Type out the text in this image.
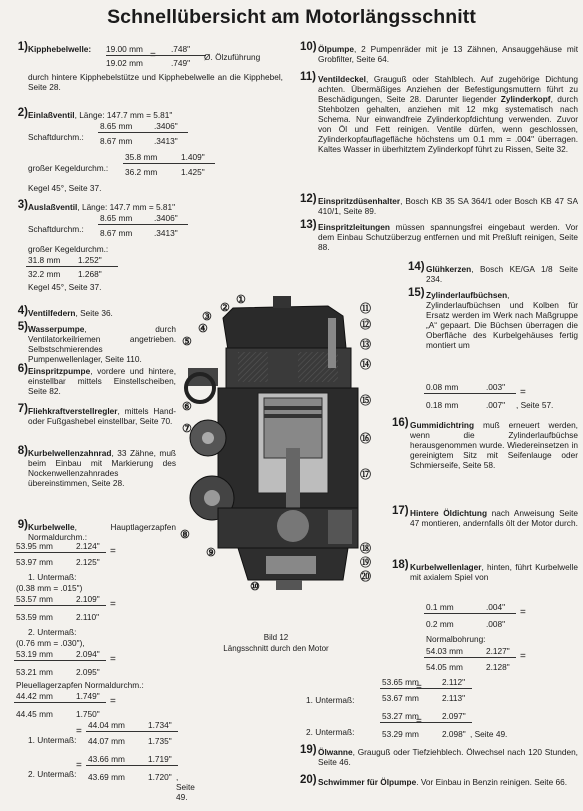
Schnellübersicht am Motorlängsschnitt
1) Kipphebelwelle:	19.00 mm	.748"
=
19.02 mm	.749"
Ø. Ölzuführung
durch hintere Kipphebelstütze und Kipphebelwelle an die Kipphebel, Seite 28.
2) Einlaßventil, Länge: 147.7 mm = 5.81"
Schaftdurchm.:
8.65 mm	.3406"
8.67 mm	.3413"
großer Kegeldurchm.:
35.8 mm	1.409"
36.2 mm	1.425"
Kegel 45°, Seite 37.
3) Auslaßventil, Länge: 147.7 mm = 5.81"
Schaftdurchm.:
8.65 mm	.3406"
8.67 mm	.3413"
großer Kegeldurchm.:
31.8 mm 1.252"
32.2 mm 1.268"
Kegel 45°, Seite 37.
4) Ventilfedern, Seite 36.
5) Wasserpumpe, durch Ventilatorkeilriemen angetrieben. Selbstschmierendes Pumpenwellenlager, Seite 110.
6) Einspritzpumpe, vordere und hintere, einstellbar mittels Einstellscheiben, Seite 82.
7) Fliehkraftverstellregler, mittels Hand- oder Fußgashebel einstellbar, Seite 70.
8) Kurbelwellenzahnrad, 33 Zähne, muß beim Einbau mit Markierung des Nockenwellenzahnrades übereinstimmen, Seite 28.
9) Kurbelwelle, Hauptlagerzapfen Normaldurchm.:
53.95 mm	2.124" =
53.97 mm	2.125"
1. Untermaß:
(0.38 mm = .015")
53.57 mm	2.109" =
53.59 mm	2.110"
2. Untermaß:
(0.76 mm = .030"),
53.19 mm	2.094" =
53.21 mm	2.095"
Pleuellagerzapfen Normaldurchm.:
44.42 mm	1.749" =
44.45 mm	1.750"
1. Untermaß:
44.04 mm	1.734"
=
44.07 mm	1.735"
2. Untermaß:
43.66 mm	1.719"
=
43.69 mm	1.720" , Seite 49.
10) Ölpumpe, 2 Pumpenräder mit je 13 Zähnen, Ansauggehäuse mit Grobfilter, Seite 64.
11) Ventildeckel, Grauguß oder Stahlblech. Auf zugehörige Dichtung achten. Übermäßiges Anziehen der Befestigungsmuttern führt zu Beschädigungen, Seite 28. Darunter liegender Zylinderkopf, durch Stehbolzen gehalten, anziehen mit 12 mkg systematisch nach Schema. Nur einwandfreie Zylinderkopfdichtung verwenden. Zuvor von Öl und Fett reinigen. Ventile dürfen, wenn geschlossen, Zylinderkopfauflagefläche höchstens um 0.1 mm = .004" überragen. Kaltes Wasser in überhitztem Zylinderkopf führt zu Rissen, Seite 32.
12) Einspritzdüsenhalter, Bosch KB 35 SA 364/1 oder Bosch KB 47 SA 410/1, Seite 89.
13) Einspritzleitungen müssen spannungsfrei eingebaut werden. Vor dem Einbau Schutzüberzug entfernen und mit Preßluft reinigen, Seite 88.
14) Glühkerzen, Bosch KE/GA 1/8 Seite 234.
15) Zylinderlaufbüchsen, Zylinderlaufbüchsen und Kolben für Ersatz werden im Werk nach Maßgruppe „A“ gepaart. Die Büchsen überragen die Oberfläche des Kurbelgehäuses fertig montiert um
0.08 mm	.003" =
0.18 mm	.007" , Seite 57.
16) Gummidichtring muß erneuert werden, wenn die Zylinderlaufbüchse herausgenommen wurde. Wiedereinsetzen in gereinigtem Sitz mit Seifenlauge oder Schmierseife, Seite 58.
17) Hintere Öldichtung nach Anweisung Seite 47 montieren, andernfalls ölt der Motor durch.
18) Kurbelwellenlager, hinten, führt Kurbelwelle mit axialem Spiel von
0.1 mm	.004" =
0.2 mm	.008"
Normalbohrung:
54.03 mm	2.127" =
54.05 mm	2.128"
1. Untermaß:
53.65 mm	2.112"
=
53.67 mm	2.113"
2. Untermaß:
53.27 mm	2.097"
=
53.29 mm	2.098" , Seite 49.
19) Ölwanne, Grauguß oder Tiefziehblech. Ölwechsel nach 120 Stunden, Seite 46.
20) Schwimmer für Ölpumpe. Vor Einbau in Benzin reinigen. Seite 66.
①
②
③
④
⑤
⑥
⑦
⑧
⑨
⑩
⑪
⑫
⑬
⑭
⑮
⑯
⑰
⑱
⑲
⑳
Bild 12
Längsschnitt durch den Motor
